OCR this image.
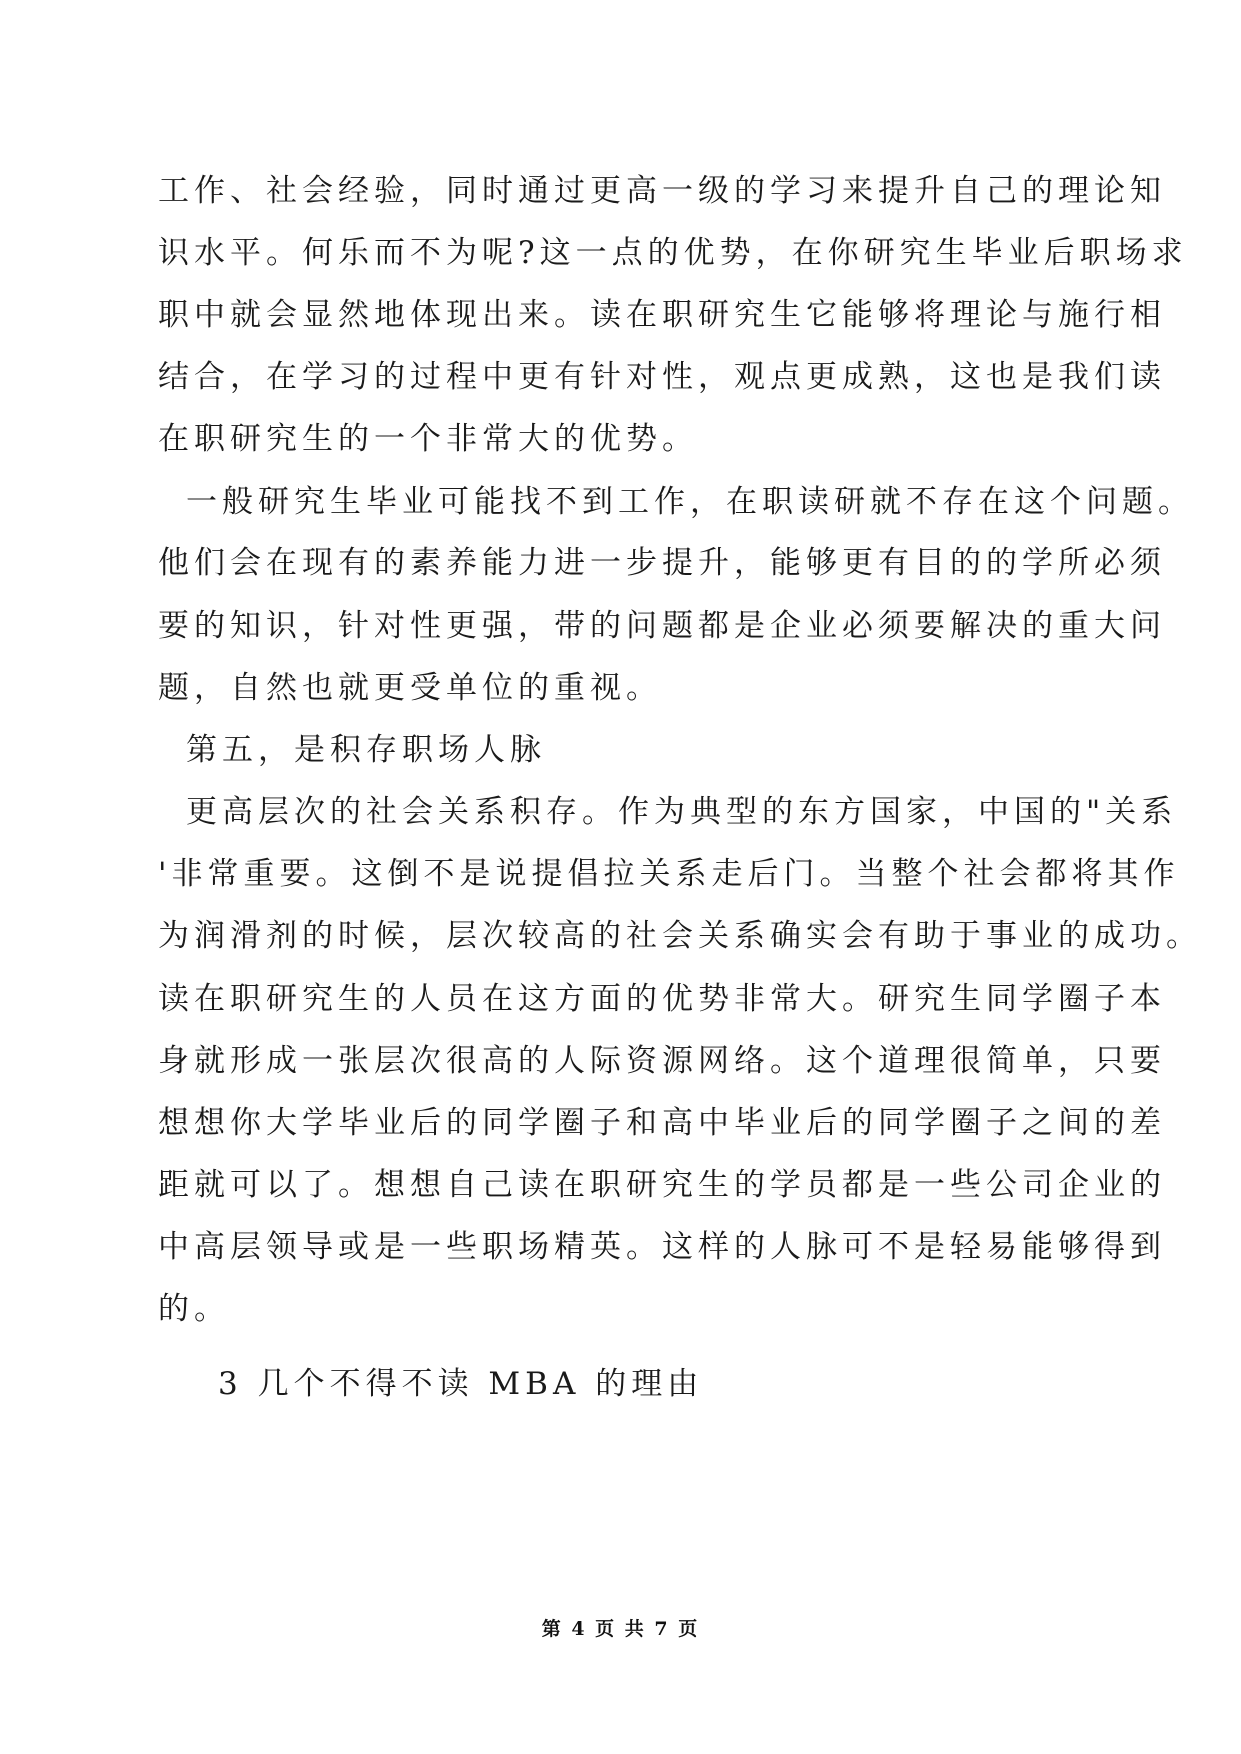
工作、社会经验，同时通过更高一级的学习来提升自己的理论知
识水平。何乐而不为呢?这一点的优势，在你研究生毕业后职场求
职中就会显然地体现出来。读在职研究生它能够将理论与施行相
结合，在学习的过程中更有针对性，观点更成熟，这也是我们读
在职研究生的一个非常大的优势。
一般研究生毕业可能找不到工作，在职读研就不存在这个问题。
他们会在现有的素养能力进一步提升，能够更有目的的学所必须
要的知识，针对性更强，带的问题都是企业必须要解决的重大问
题，自然也就更受单位的重视。
第五，是积存职场人脉
更高层次的社会关系积存。作为典型的东方国家，中国的"关系
'非常重要。这倒不是说提倡拉关系走后门。当整个社会都将其作
为润滑剂的时候，层次较高的社会关系确实会有助于事业的成功。
读在职研究生的人员在这方面的优势非常大。研究生同学圈子本
身就形成一张层次很高的人际资源网络。这个道理很简单，只要
想想你大学毕业后的同学圈子和高中毕业后的同学圈子之间的差
距就可以了。想想自己读在职研究生的学员都是一些公司企业的
中高层领导或是一些职场精英。这样的人脉可不是轻易能够得到
的。
3 几个不得不读 MBA 的理由
第 4 页 共 7 页
